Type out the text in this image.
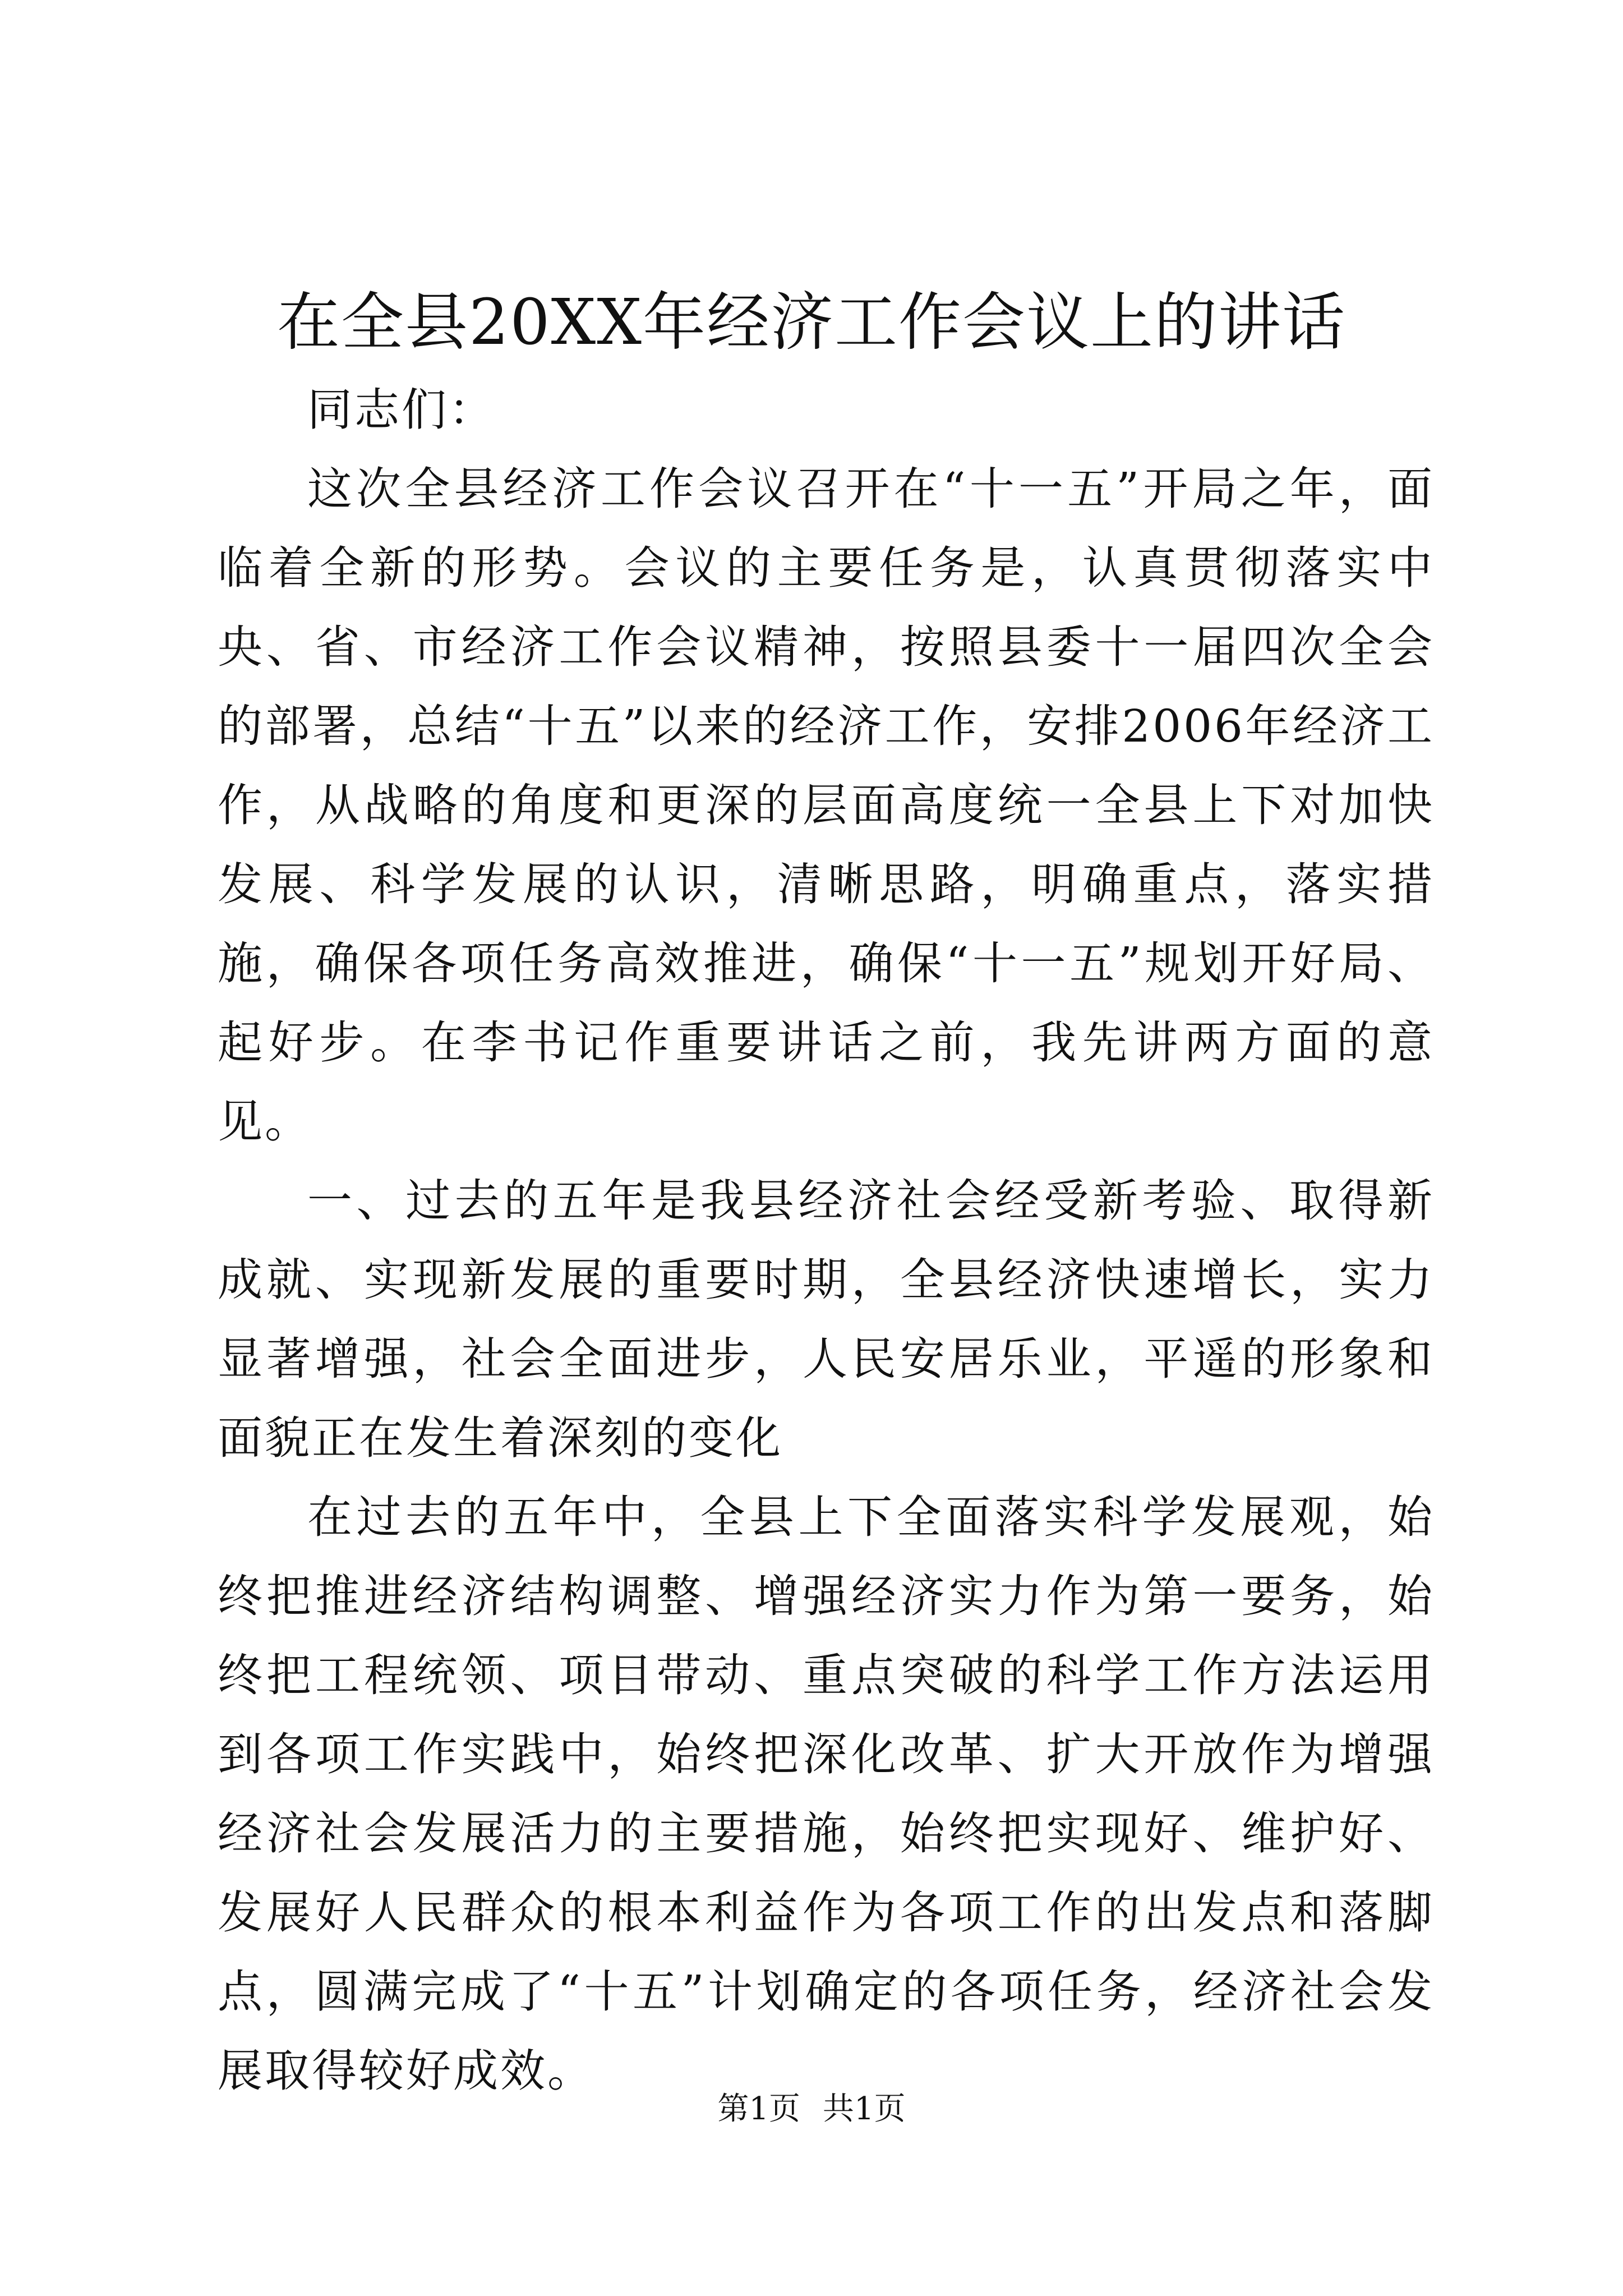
在全县20XX年经济工作会议上的讲话

同志们：

这次全县经济工作会议召开在“十一五”开局之年，面临着全新的形势。会议的主要任务是，认真贯彻落实中央、省、市经济工作会议精神，按照县委十一届四次全会的部署，总结“十五”以来的经济工作，安排2006年经济工作，从战略的角度和更深的层面高度统一全县上下对加快发展、科学发展的认识，清晰思路，明确重点，落实措施，确保各项任务高效推进，确保“十一五”规划开好局、起好步。在李书记作重要讲话之前，我先讲两方面的意见。

一、过去的五年是我县经济社会经受新考验、取得新成就、实现新发展的重要时期，全县经济快速增长，实力显著增强，社会全面进步，人民安居乐业，平遥的形象和面貌正在发生着深刻的变化

在过去的五年中，全县上下全面落实科学发展观，始终把推进经济结构调整、增强经济实力作为第一要务，始终把工程统领、项目带动、重点突破的科学工作方法运用到各项工作实践中，始终把深化改革、扩大开放作为增强经济社会发展活力的主要措施，始终把实现好、维护好、发展好人民群众的根本利益作为各项工作的出发点和落脚点，圆满完成了“十五”计划确定的各项任务，经济社会发展取得较好成效。

第1页 共1页
